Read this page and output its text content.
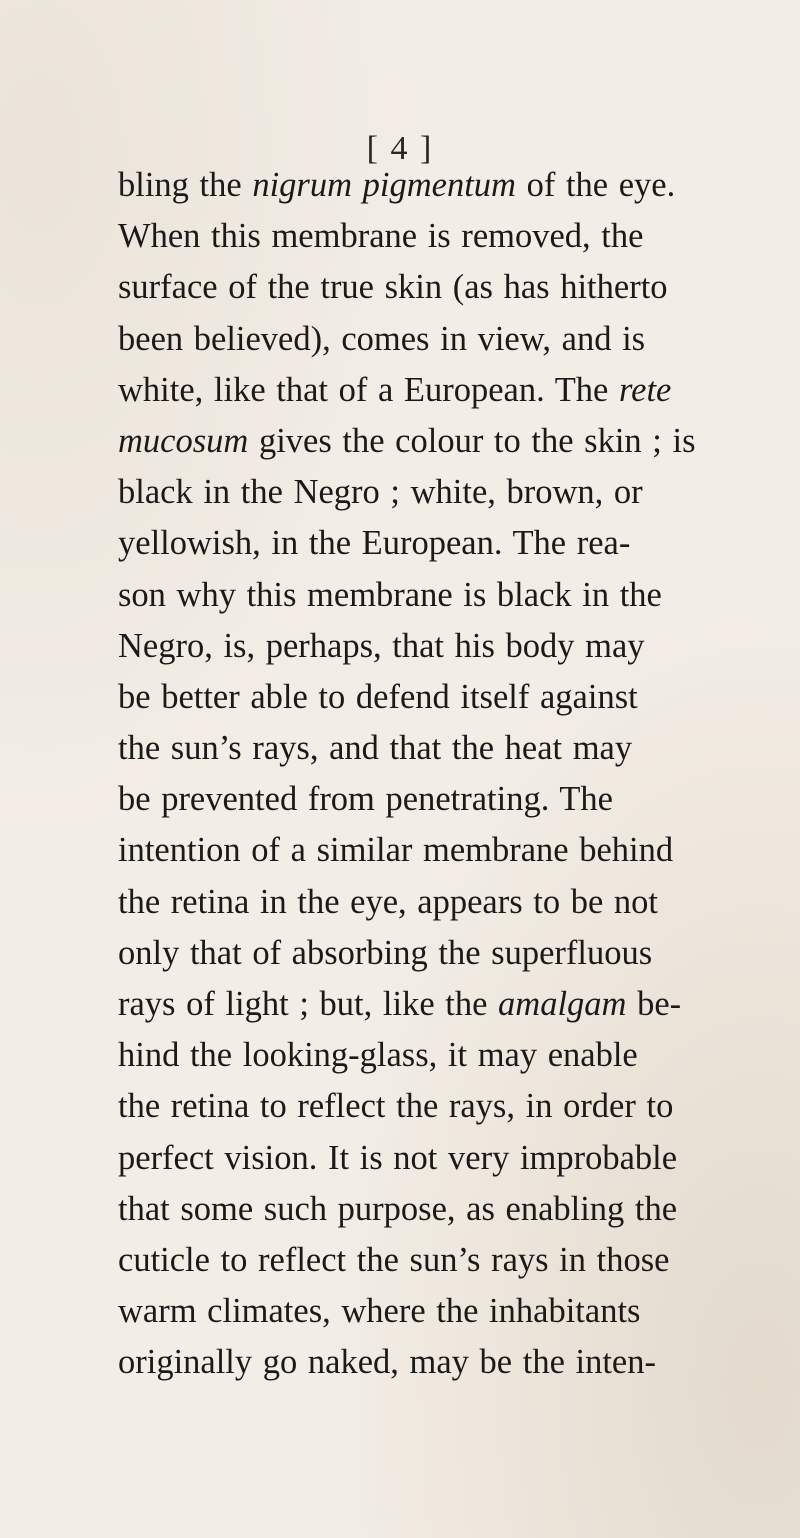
[ 4 ]
bling the nigrum pigmentum of the eye.
When this membrane is removed, the
surface of the true skin (as has hitherto
been believed), comes in view, and is
white, like that of a European. The rete
mucosum gives the colour to the skin ; is
black in the Negro ; white, brown, or
yellowish, in the European. The rea-
son why this membrane is black in the
Negro, is, perhaps, that his body may
be better able to defend itself against
the sun’s rays, and that the heat may
be prevented from penetrating. The
intention of a similar membrane behind
the retina in the eye, appears to be not
only that of absorbing the superfluous
rays of light ; but, like the amalgam be-
hind the looking-glass, it may enable
the retina to reflect the rays, in order to
perfect vision. It is not very improbable
that some such purpose, as enabling the
cuticle to reflect the sun’s rays in those
warm climates, where the inhabitants
originally go naked, may be the inten-
